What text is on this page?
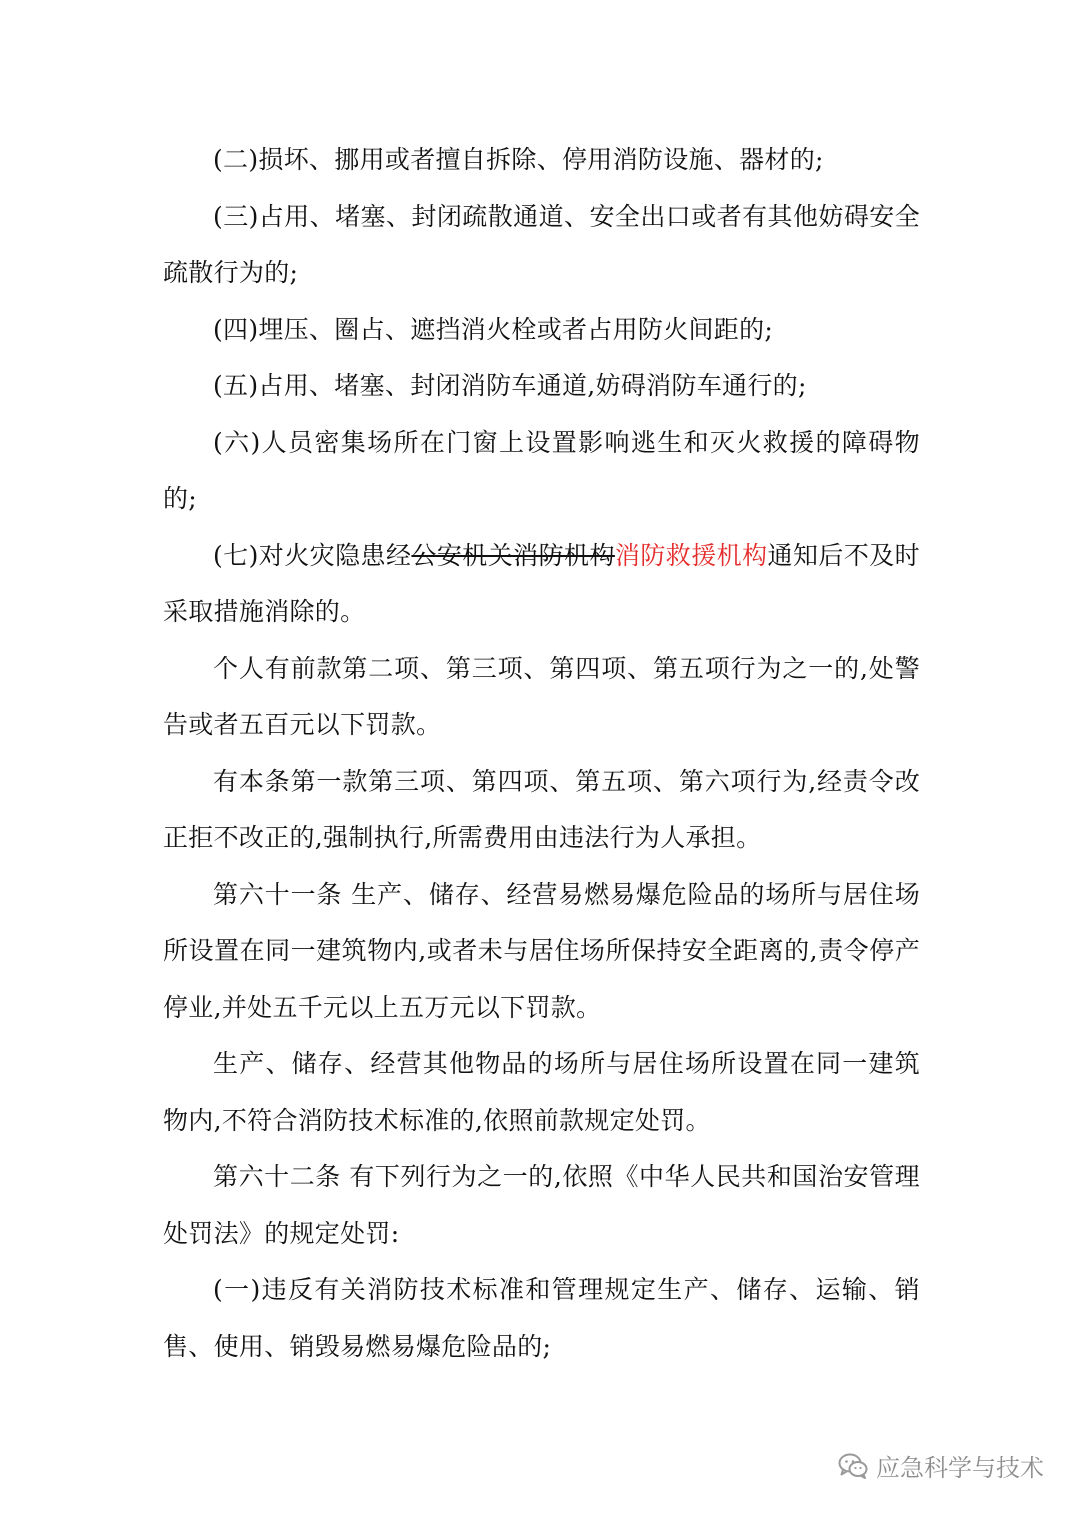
(二)损坏、挪用或者擅自拆除、停用消防设施、器材的;

(三)占用、堵塞、封闭疏散通道、安全出口或者有其他妨碍安全疏散行为的;

(四)埋压、圈占、遮挡消火栓或者占用防火间距的;

(五)占用、堵塞、封闭消防车通道,妨碍消防车通行的;

(六)人员密集场所在门窗上设置影响逃生和灭火救援的障碍物的;

(七)对火灾隐患经公安机关消防机构消防救援机构通知后不及时采取措施消除的。

个人有前款第二项、第三项、第四项、第五项行为之一的,处警告或者五百元以下罚款。

有本条第一款第三项、第四项、第五项、第六项行为,经责令改正拒不改正的,强制执行,所需费用由违法行为人承担。

第六十一条 生产、储存、经营易燃易爆危险品的场所与居住场所设置在同一建筑物内,或者未与居住场所保持安全距离的,责令停产停业,并处五千元以上五万元以下罚款。

生产、储存、经营其他物品的场所与居住场所设置在同一建筑物内,不符合消防技术标准的,依照前款规定处罚。

第六十二条 有下列行为之一的,依照《中华人民共和国治安管理处罚法》的规定处罚:

(一)违反有关消防技术标准和管理规定生产、储存、运输、销售、使用、销毁易燃易爆危险品的;

应急科学与技术
